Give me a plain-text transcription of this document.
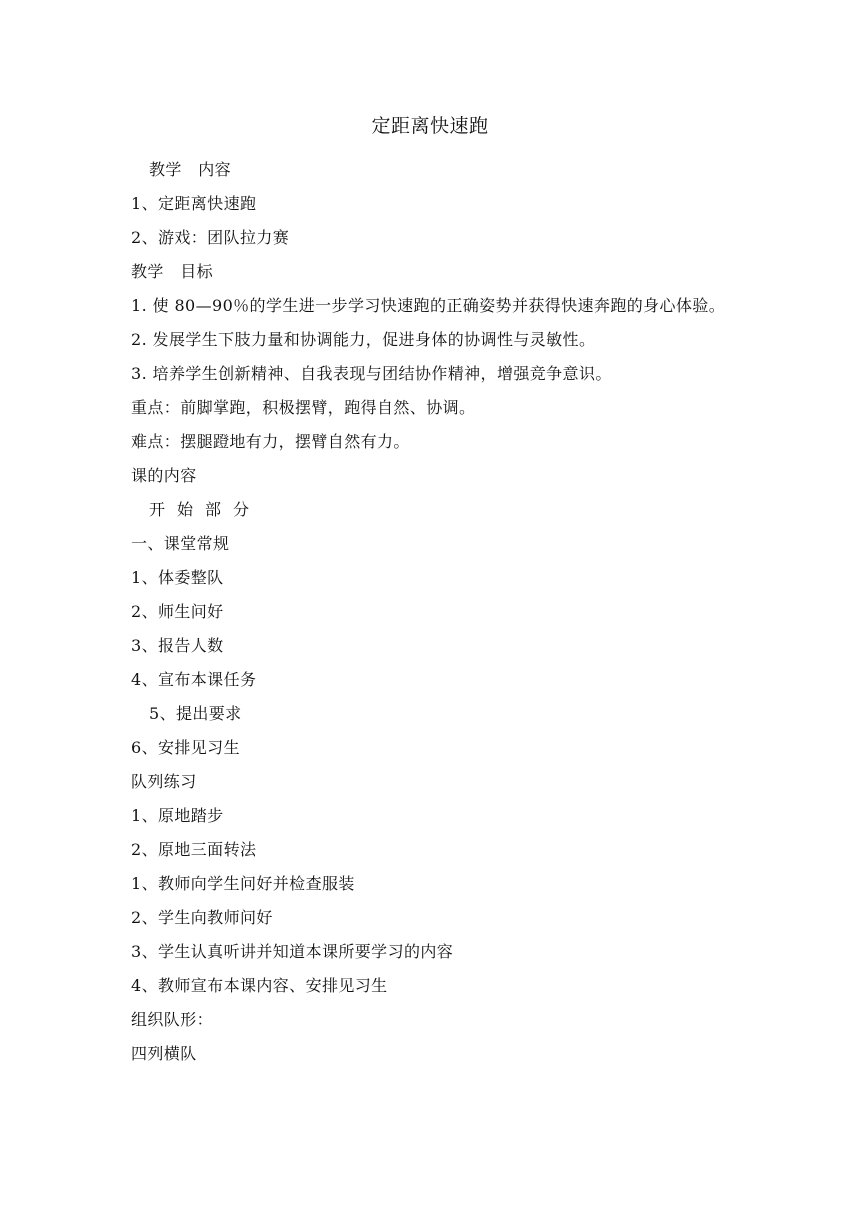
定距离快速跑
教学　内容
1、定距离快速跑
2、游戏：团队拉力赛
教学　目标
1. 使 80—90％的学生进一步学习快速跑的正确姿势并获得快速奔跑的身心体验。
2. 发展学生下肢力量和协调能力，促进身体的协调性与灵敏性。
3. 培养学生创新精神、自我表现与团结协作精神，增强竞争意识。
重点：前脚掌跑，积极摆臂，跑得自然、协调。
难点：摆腿蹬地有力，摆臂自然有力。
课的内容
开始部分
一、课堂常规
1、体委整队
2、师生问好
3、报告人数
4、宣布本课任务
5、提出要求
6、安排见习生
队列练习
1、原地踏步
2、原地三面转法
1、教师向学生问好并检查服装
2、学生向教师问好
3、学生认真听讲并知道本课所要学习的内容
4、教师宣布本课内容、安排见习生
组织队形：
四列横队
